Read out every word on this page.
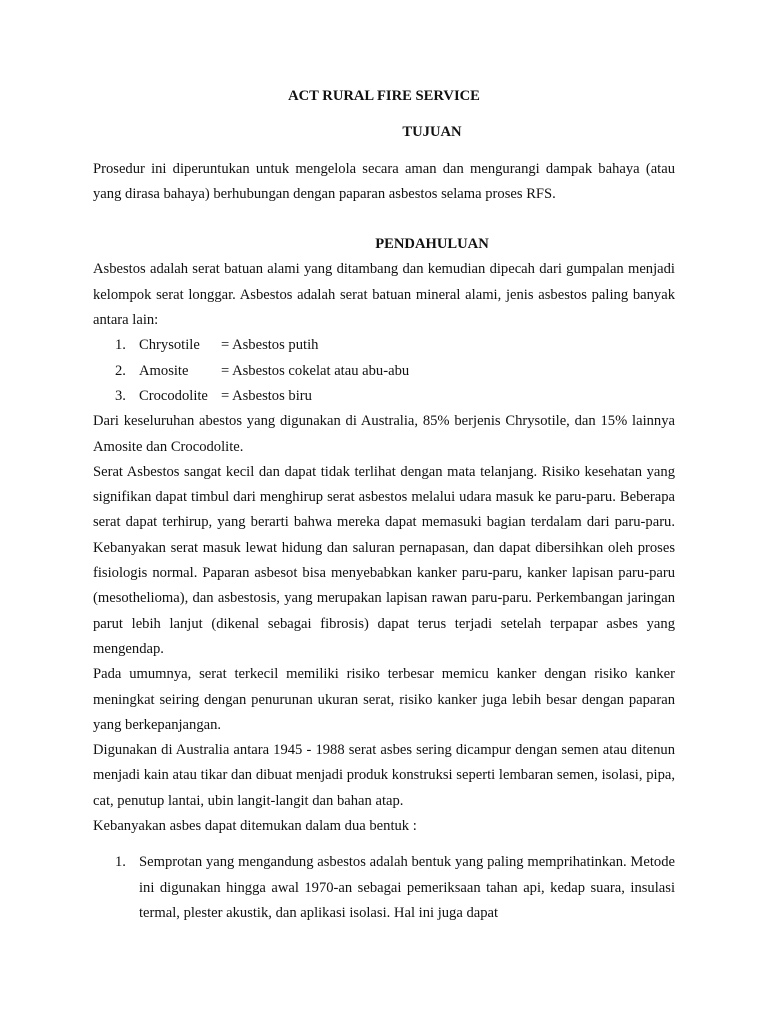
ACT RURAL FIRE SERVICE

TUJUAN

Prosedur ini diperuntukan untuk mengelola secara aman dan mengurangi dampak bahaya (atau yang dirasa bahaya) berhubungan dengan paparan asbestos selama proses RFS.

PENDAHULUAN

Asbestos adalah serat batuan alami yang ditambang dan kemudian dipecah dari gumpalan menjadi kelompok serat longgar. Asbestos adalah serat batuan mineral alami, jenis asbestos paling banyak antara lain:

1. Chrysotile	= Asbestos putih
2. Amosite	= Asbestos cokelat atau abu-abu
3. Crocodolite = Asbestos biru

Dari keseluruhan abestos yang digunakan di Australia, 85% berjenis Chrysotile, dan 15% lainnya Amosite dan Crocodolite.

Serat Asbestos sangat kecil dan dapat tidak terlihat dengan mata telanjang. Risiko kesehatan yang signifikan dapat timbul dari menghirup serat asbestos melalui udara masuk ke paru-paru. Beberapa serat dapat terhirup, yang berarti bahwa mereka dapat memasuki bagian terdalam dari paru-paru. Kebanyakan serat masuk lewat hidung dan saluran pernapasan, dan dapat dibersihkan oleh proses fisiologis normal. Paparan asbesot bisa menyebabkan kanker paru-paru, kanker lapisan paru-paru (mesothelioma), dan asbestosis, yang merupakan lapisan rawan paru-paru. Perkembangan jaringan parut lebih lanjut (dikenal sebagai fibrosis) dapat terus terjadi setelah terpapar asbes yang mengendap.

Pada umumnya, serat terkecil memiliki risiko terbesar memicu kanker dengan risiko kanker meningkat seiring dengan penurunan ukuran serat, risiko kanker juga lebih besar dengan paparan yang berkepanjangan.

Digunakan di Australia antara 1945 - 1988 serat asbes sering dicampur dengan semen atau ditenun menjadi kain atau tikar dan dibuat menjadi produk konstruksi seperti lembaran semen, isolasi, pipa, cat, penutup lantai, ubin langit-langit dan bahan atap.

Kebanyakan asbes dapat ditemukan dalam dua bentuk :

1. Semprotan yang mengandung asbestos adalah bentuk yang paling memprihatinkan. Metode ini digunakan hingga awal 1970-an sebagai pemeriksaan tahan api, kedap suara, insulasi termal, plester akustik, dan aplikasi isolasi. Hal ini juga dapat
